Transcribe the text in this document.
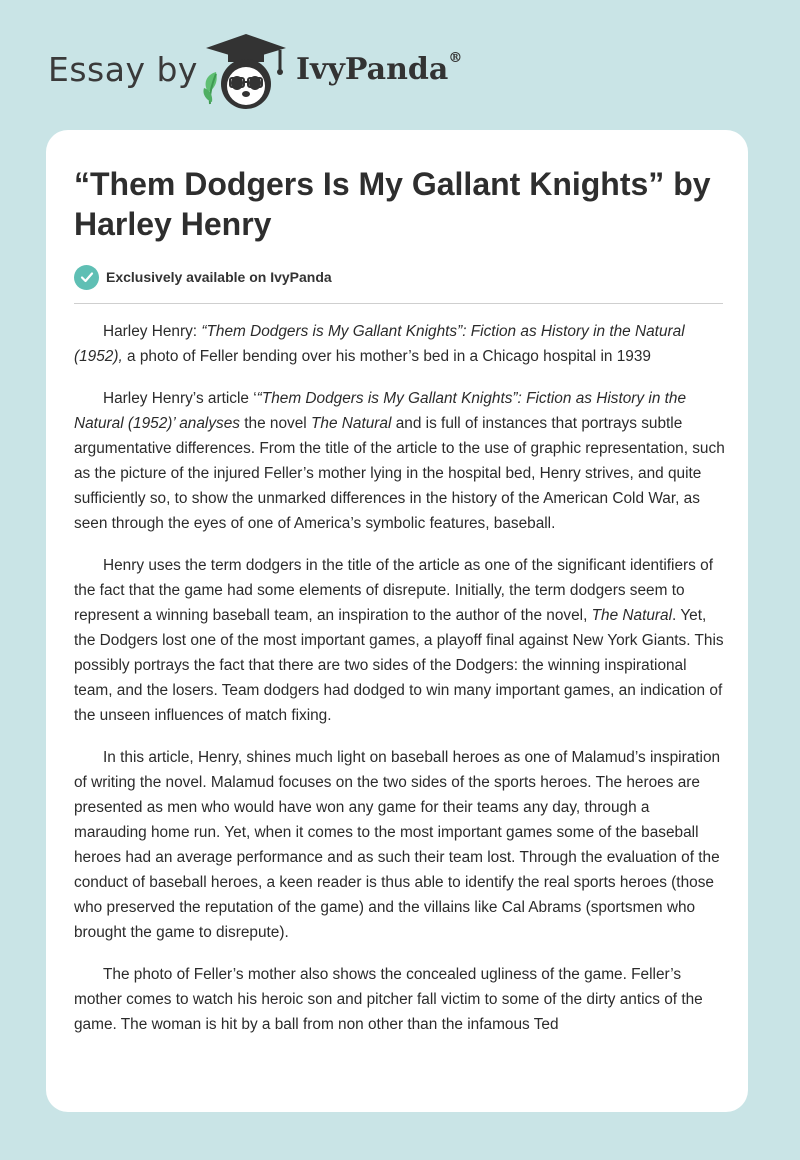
Essay by	IvyPanda®
“Them Dodgers Is My Gallant Knights” by Harley Henry
Exclusively available on IvyPanda

Harley Henry: “Them Dodgers is My Gallant Knights”: Fiction as History in the Natural (1952), a photo of Feller bending over his mother’s bed in a Chicago hospital in 1939

Harley Henry’s article ‘“Them Dodgers is My Gallant Knights”: Fiction as History in the Natural (1952)’ analyses the novel The Natural and is full of instances that portrays subtle argumentative differences. From the title of the article to the use of graphic representation, such as the picture of the injured Feller’s mother lying in the hospital bed, Henry strives, and quite sufficiently so, to show the unmarked differences in the history of the American Cold War, as seen through the eyes of one of America’s symbolic features, baseball.

Henry uses the term dodgers in the title of the article as one of the significant identifiers of the fact that the game had some elements of disrepute. Initially, the term dodgers seem to represent a winning baseball team, an inspiration to the author of the novel, The Natural. Yet, the Dodgers lost one of the most important games, a playoff final against New York Giants. This possibly portrays the fact that there are two sides of the Dodgers: the winning inspirational team, and the losers. Team dodgers had dodged to win many important games, an indication of the unseen influences of match fixing.

In this article, Henry, shines much light on baseball heroes as one of Malamud’s inspiration of writing the novel. Malamud focuses on the two sides of the sports heroes. The heroes are presented as men who would have won any game for their teams any day, through a marauding home run. Yet, when it comes to the most important games some of the baseball heroes had an average performance and as such their team lost. Through the evaluation of the conduct of baseball heroes, a keen reader is thus able to identify the real sports heroes (those who preserved the reputation of the game) and the villains like Cal Abrams (sportsmen who brought the game to disrepute).

The photo of Feller’s mother also shows the concealed ugliness of the game. Feller’s mother comes to watch his heroic son and pitcher fall victim to some of the dirty antics of the game. The woman is hit by a ball from non other than the infamous Ted
